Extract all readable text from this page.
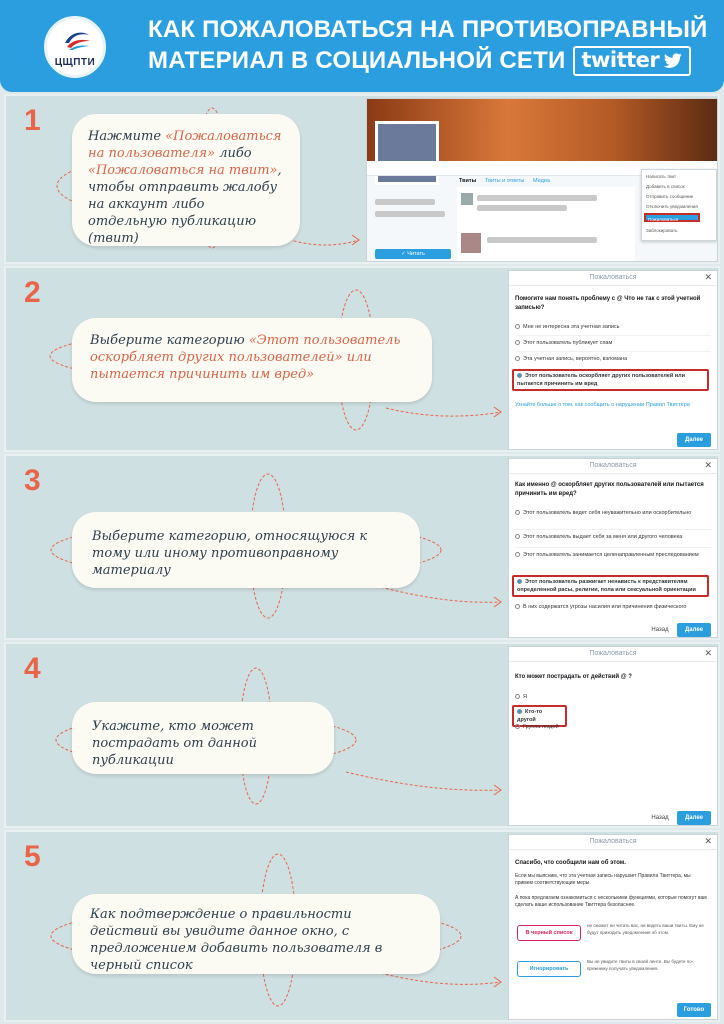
ЦЩПТИ
КАК ПОЖАЛОВАТЬСЯ НА ПРОТИВОПРАВНЫЙ
МАТЕРИАЛ В СОЦИАЛЬНОЙ СЕТИ twitter
1	Нажмите «Пожаловаться на пользователя» либо «Пожаловаться на твит», чтобы отправить жалобу на аккаунт либо отдельную публикацию (твит)
Твиты Твиты и ответы Медиа
✓ Читать
Написать твит
Добавить в список
Отправить сообщение
Отключить уведомления
Пожаловаться
Заблокировать
2
Выберите категорию «Этот пользователь оскорбляет других пользователей» или пытается причинить им вред»
Пожаловаться	✕
Помогите нам понять проблему с @ Что не так с этой учетной записью?
Мне не интересна эта учетная запись
Этот пользователь публикует спам
Эта учетная запись, вероятно, взломана
Этот пользователь оскорбляет других пользователей или пытается причинить им вред
Узнайте больше о том, как сообщить о нарушении Правил Твиттера
Далее
3
Выберите категорию, относящуюся к тому или иному противоправному материалу
Пожаловаться	✕
Как именно @ оскорбляет других пользователей или пытается причинить им вред?
Этот пользователь ведет себя неуважительно или оскорбительно
Этот пользователь выдает себя за меня или другого человека
Этот пользователь занимается целенаправленным преследованием
Этот пользователь разжигает ненависть к представителям определенной расы, религии, пола или сексуальной ориентации
В них содержатся угрозы насилия или причинения физического
Назад	Далее
4
Укажите, кто может пострадать от данной публикации
Пожаловаться	✕
Кто может пострадать от действий @ ?
Я
Кто-то другой
Группа людей
Назад	Далее
5
Как подтверждение о правильности действий вы увидите данное окно, с предложением добавить пользователя в черный список
Пожаловаться	✕
Спасибо, что сообщили нам об этом.
Если мы выясним, что эта учетная запись нарушает Правила Твиттера, мы примем соответствующие меры.
А пока предлагаем ознакомиться с несколькими функциями, которые помогут вам сделать ваше использование Твиттера безопаснее.
В черный список
не сможет ни читать вас, ни видеть ваши твиты. Ему не будут приходить уведомления об этом.
Игнорировать
Вы не увидите твиты в своей ленте. Вы будете по-прежнему получать уведомления.
Готово
